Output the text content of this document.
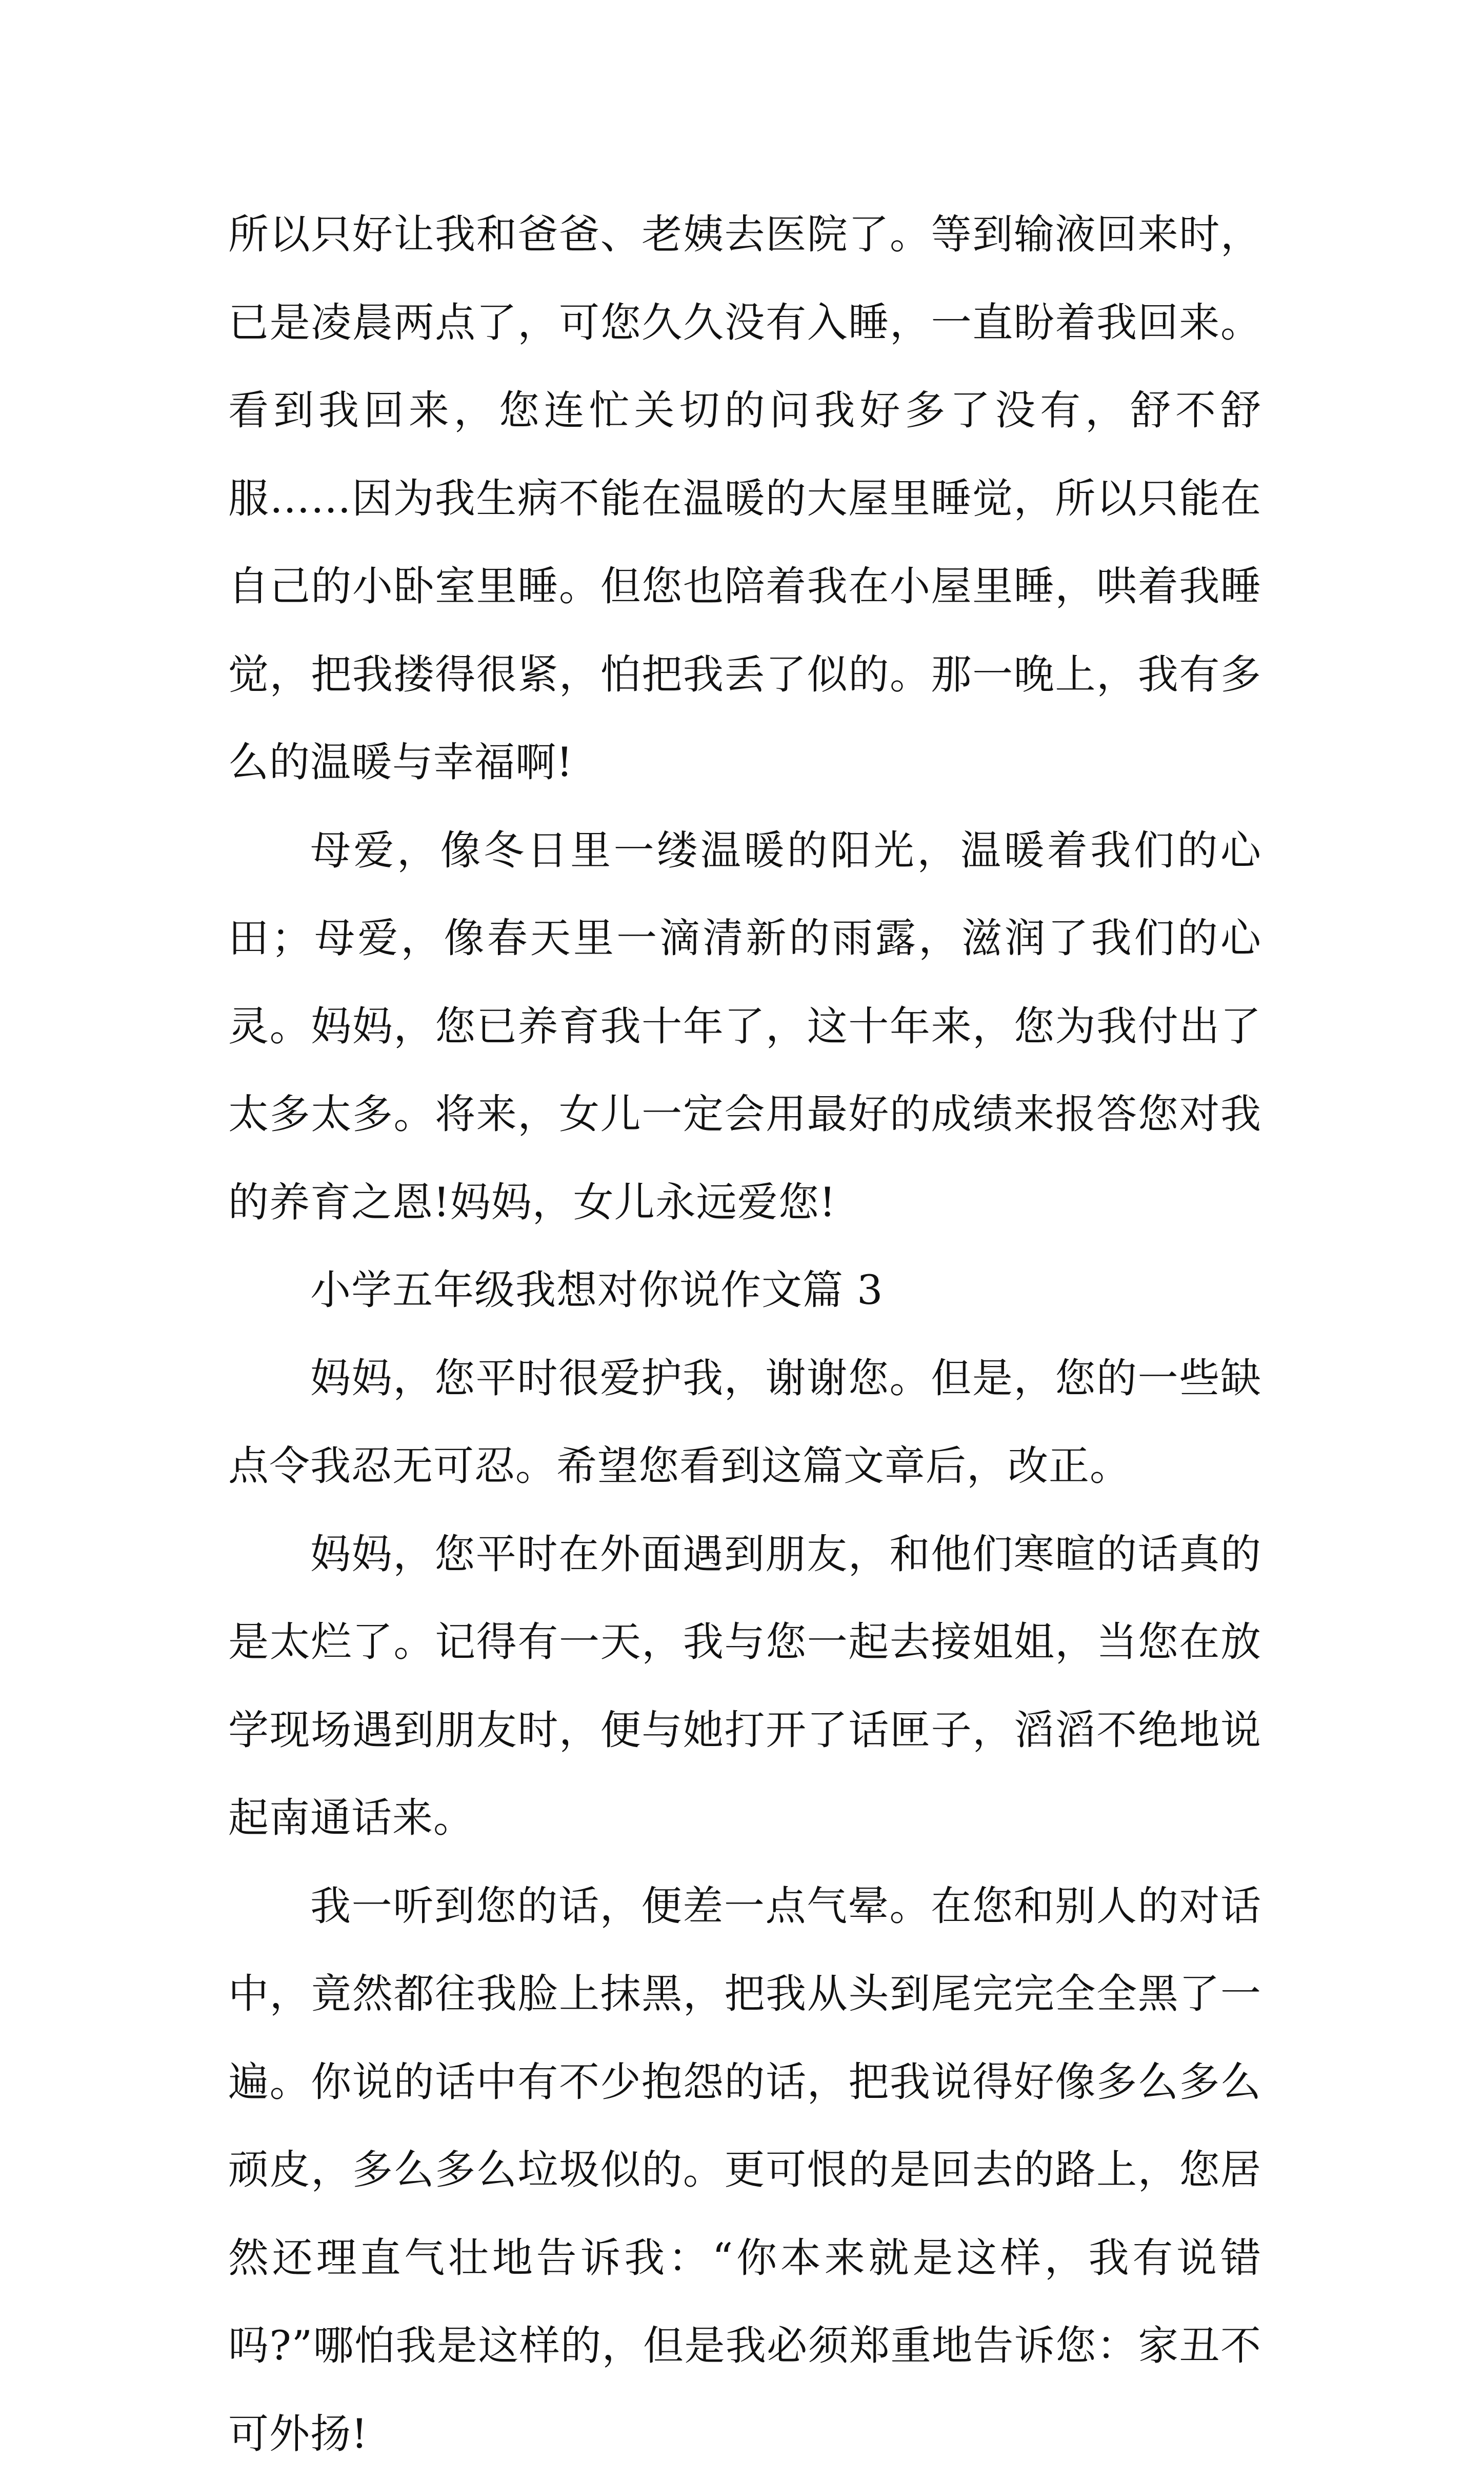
所以只好让我和爸爸、老姨去医院了。等到输液回来时，已是凌晨两点了，可您久久没有入睡，一直盼着我回来。看到我回来，您连忙关切的问我好多了没有，舒不舒服……因为我生病不能在温暖的大屋里睡觉，所以只能在自己的小卧室里睡。但您也陪着我在小屋里睡，哄着我睡觉，把我搂得很紧，怕把我丢了似的。那一晚上，我有多么的温暖与幸福啊!

母爱，像冬日里一缕温暖的阳光，温暖着我们的心田；母爱，像春天里一滴清新的雨露，滋润了我们的心灵。妈妈，您已养育我十年了，这十年来，您为我付出了太多太多。将来，女儿一定会用最好的成绩来报答您对我的养育之恩!妈妈，女儿永远爱您!

小学五年级我想对你说作文篇 3

妈妈，您平时很爱护我，谢谢您。但是，您的一些缺点令我忍无可忍。希望您看到这篇文章后，改正。

妈妈，您平时在外面遇到朋友，和他们寒暄的话真的是太烂了。记得有一天，我与您一起去接姐姐，当您在放学现场遇到朋友时，便与她打开了话匣子，滔滔不绝地说起南通话来。

我一听到您的话，便差一点气晕。在您和别人的对话中，竟然都往我脸上抹黑，把我从头到尾完完全全黑了一遍。你说的话中有不少抱怨的话，把我说得好像多么多么顽皮，多么多么垃圾似的。更可恨的是回去的路上，您居然还理直气壮地告诉我：“你本来就是这样，我有说错吗?”哪怕我是这样的，但是我必须郑重地告诉您：家丑不可外扬!
